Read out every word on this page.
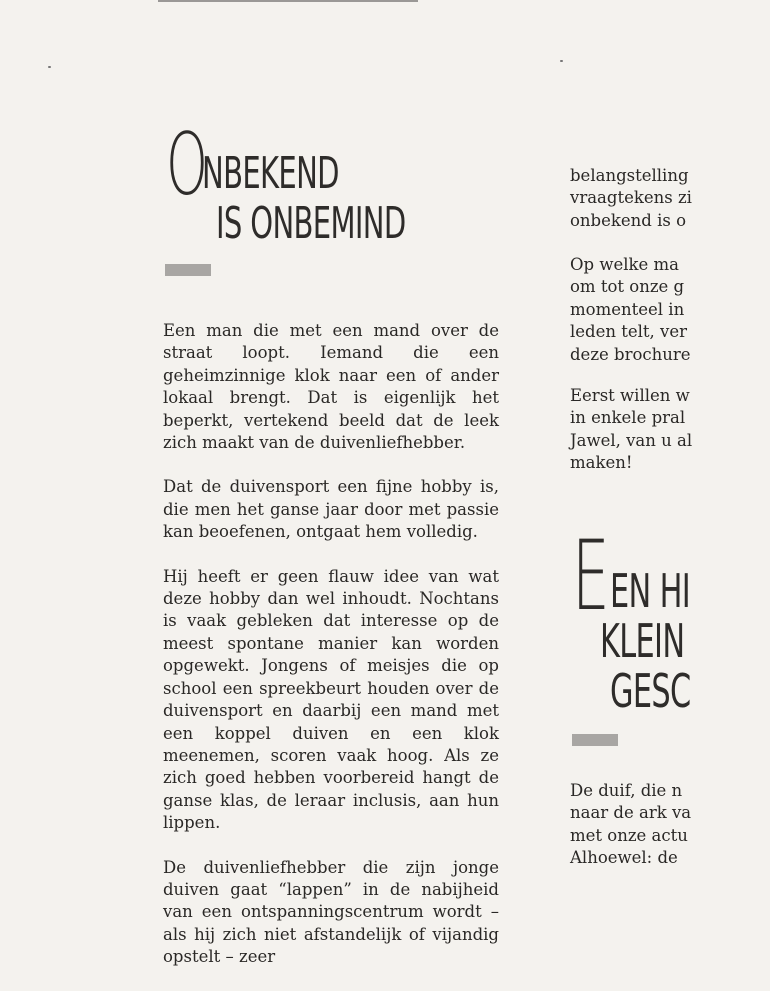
O
NBEKEND
IS ONBEMIND

Een man die met een mand over de straat loopt. Iemand die een geheimzinnige klok naar een of ander lokaal brengt. Dat is eigenlijk het beperkt, vertekend beeld dat de leek zich maakt van de duivenliefhebber.

Dat de duivensport een fijne hobby is, die men het ganse jaar door met passie kan beoefenen, ontgaat hem volledig.

Hij heeft er geen flauw idee van wat deze hobby dan wel inhoudt. Nochtans is vaak gebleken dat interesse op de meest spontane manier kan worden opgewekt. Jongens of meisjes die op school een spreekbeurt houden over de duivensport en daarbij een mand met een koppel duiven en een klok meenemen, scoren vaak hoog. Als ze zich goed hebben voorbereid hangt de ganse klas, de leraar inclusis, aan hun lippen.

De duivenliefhebber die zijn jonge duiven gaat “lappen” in de nabijheid van een ontspanningscentrum wordt – als hij zich niet afstandelijk of vijandig opstelt – zeer

belangstelling
vraagtekens zi
onbekend is o
Op welke ma
om tot onze g
momenteel in
leden telt, ver
deze brochure
Eerst willen w
in enkele pral
Jawel, van u al
maken!
E EN HI
KLEIN
GESC
De duif, die n
naar de ark va
met onze actu
Alhoewel: de
